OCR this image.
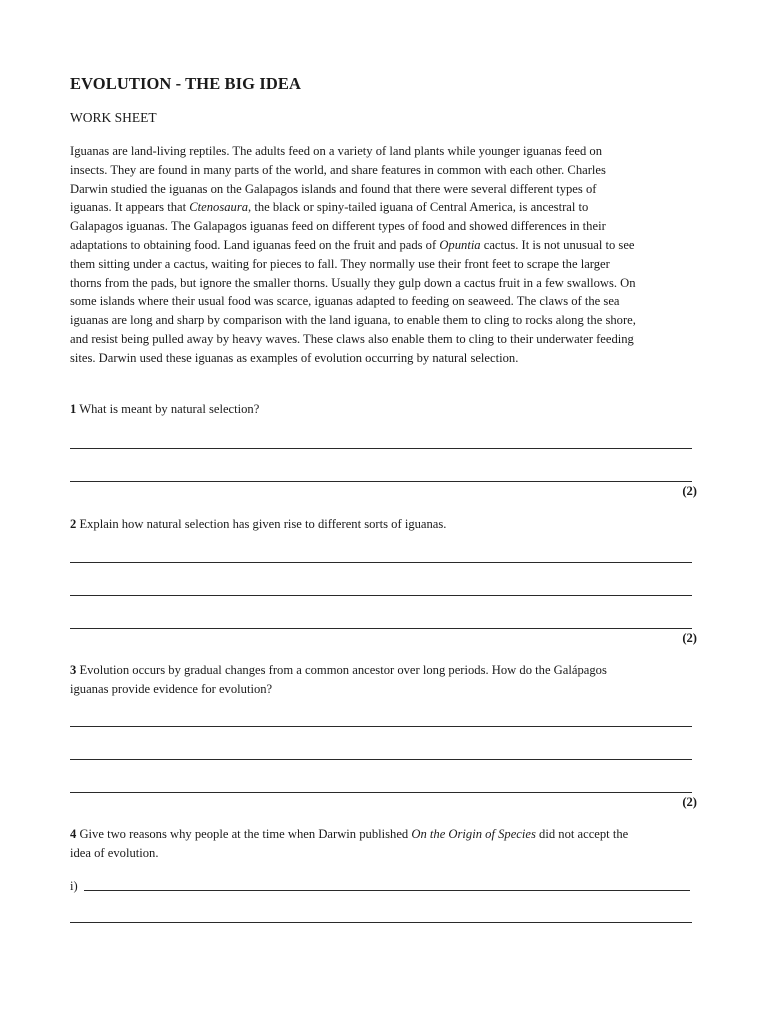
EVOLUTION - THE BIG IDEA
WORK SHEET
Iguanas are land-living reptiles. The adults feed on a variety of land plants while younger iguanas feed on
insects. They are found in many parts of the world, and share features in common with each other. Charles
Darwin studied the iguanas on the Galapagos islands and found that there were several different types of
iguanas. It appears that Ctenosaura, the black or spiny-tailed iguana of Central America, is ancestral to
Galapagos iguanas. The Galapagos iguanas feed on different types of food and showed differences in their
adaptations to obtaining food. Land iguanas feed on the fruit and pads of Opuntia cactus. It is not unusual to see
them sitting under a cactus, waiting for pieces to fall. They normally use their front feet to scrape the larger
thorns from the pads, but ignore the smaller thorns. Usually they gulp down a cactus fruit in a few swallows. On
some islands where their usual food was scarce, iguanas adapted to feeding on seaweed. The claws of the sea
iguanas are long and sharp by comparison with the land iguana, to enable them to cling to rocks along the shore,
and resist being pulled away by heavy waves. These claws also enable them to cling to their underwater feeding
sites. Darwin used these iguanas as examples of evolution occurring by natural selection.
1 What is meant by natural selection?
(2)
2 Explain how natural selection has given rise to different sorts of iguanas.
(2)
3 Evolution occurs by gradual changes from a common ancestor over long periods. How do the Galápagos
iguanas provide evidence for evolution?
(2)
4 Give two reasons why people at the time when Darwin published On the Origin of Species did not accept the
idea of evolution.
i)
